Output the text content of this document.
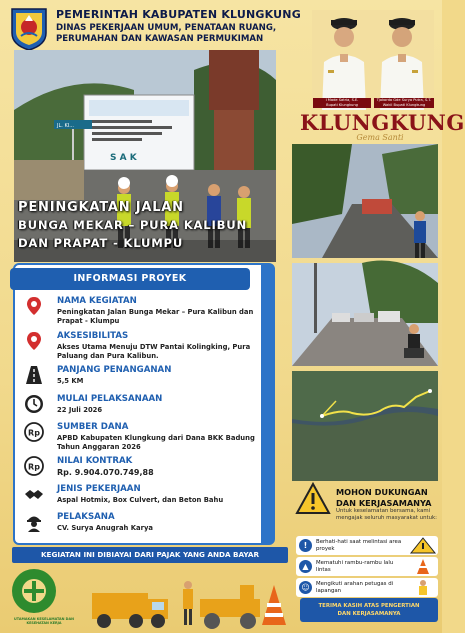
PEMERINTAH KABUPATEN KLUNGKUNG
DINAS PEKERJAAN UMUM, PENATAAN RUANG,
PERUMAHAN DAN KAWASAN PERMUKIMAN
I Made Satria, S.E.
Bupati Klungkung
Tjokorda Gde Surya Putra, S.T.
Wakil Bupati Klungkung
KLUNGKUNG
Gema Santi
S A K
JL. KI...
PENINGKATAN JALAN
BUNGA MEKAR – PURA KALIBUN
DAN PRAPAT - KLUMPU
INFORMASI PROYEK
NAMA KEGIATAN
Peningkatan Jalan Bunga Mekar – Pura Kalibun dan Prapat - Klumpu
AKSESIBILITAS
Akses Utama Menuju DTW Pantai Kolingking, Pura Paluang dan Pura Kalibun.
PANJANG PENANGANAN
5,5 KM
MULAI PELAKSANAAN
22 Juli 2026
Rp
SUMBER DANA
APBD Kabupaten Klungkung dari Dana BKK Badung Tahun Anggaran 2026
Rp
NILAI KONTRAK
Rp. 9.904.070.749,88
JENIS PEKERJAAN
Aspal Hotmix, Box Culvert, dan Beton Bahu
PELAKSANA
CV. Surya Anugrah Karya
KEGIATAN INI DIBIAYAI DARI PAJAK YANG ANDA BAYAR
UTAMAKAN KESELAMATAN DAN KESEHATAN KERJA
MOHON DUKUNGAN
DAN KERJASAMANYA
Untuk keselamatan bersama, kami mengajak seluruh masyarakat untuk:
!	Berhati-hati saat melintasi area proyek
▲	Mematuhi rambu-rambu lalu lintas
☺	Mengikuti arahan petugas di lapangan
TERIMA KASIH ATAS PENGERTIAN
DAN KERJASAMANYA
